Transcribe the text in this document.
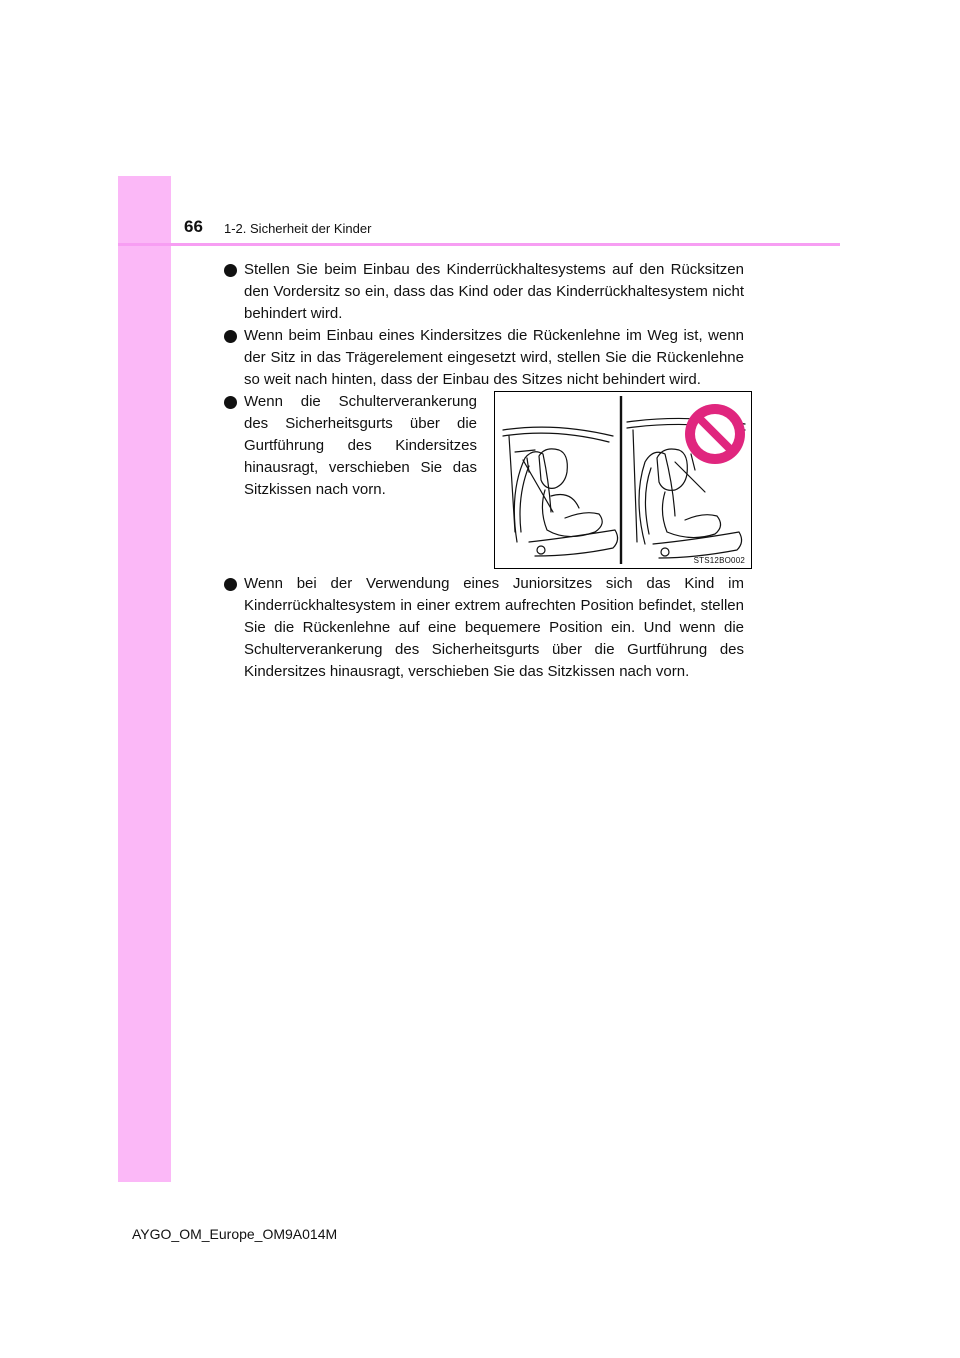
66 1-2. Sicherheit der Kinder
Stellen Sie beim Einbau des Kinderrückhaltesystems auf den Rücksitzen den Vordersitz so ein, dass das Kind oder das Kinderrückhaltesystem nicht behindert wird.
Wenn beim Einbau eines Kindersitzes die Rückenlehne im Weg ist, wenn der Sitz in das Trägerelement eingesetzt wird, stellen Sie die Rückenlehne so weit nach hinten, dass der Einbau des Sitzes nicht behindert wird.
Wenn die Schulterverankerung des Sicherheitsgurts über die Gurtführung des Kindersitzes hinausragt, verschieben Sie das Sitzkissen nach vorn.
STS12BO002
Wenn bei der Verwendung eines Juniorsitzes sich das Kind im Kinderrückhaltesystem in einer extrem aufrechten Position befindet, stellen Sie die Rückenlehne auf eine bequemere Position ein. Und wenn die Schulterverankerung des Sicherheitsgurts über die Gurtführung des Kindersitzes hinausragt, verschieben Sie das Sitzkissen nach vorn.
AYGO_OM_Europe_OM9A014M
